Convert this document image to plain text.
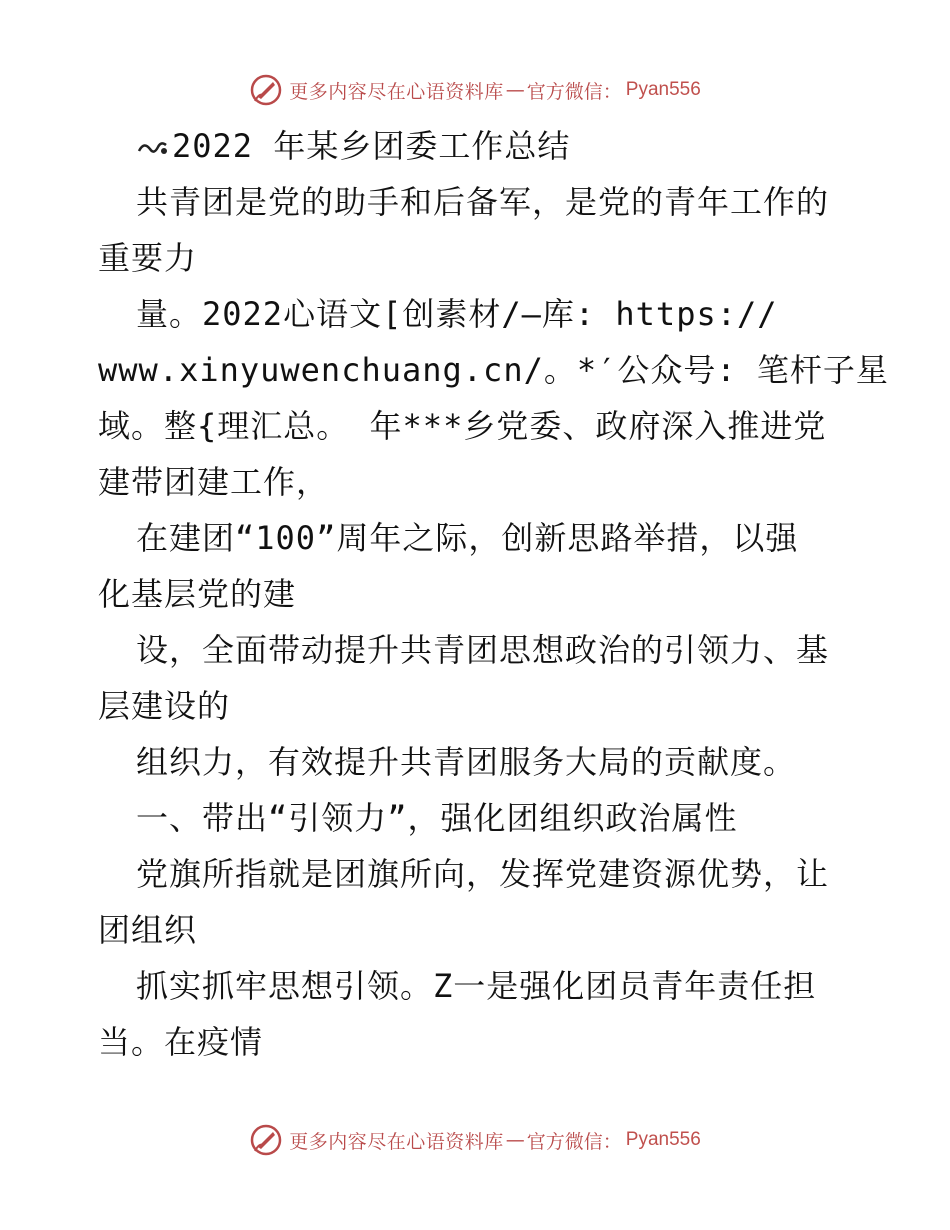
更多内容尽在心语资料库 — 官方微信 ： Pyan556
2022 年某乡团委工作总结
共青团是党的助手和后备军，是党的青年工作的
重要力
量。2022心语文[创素材/—库: https://
www.xinyuwenchuang.cn/。*′公众号: 笔杆子星
域。整{理汇总。 年***乡党委、政府深入推进党
建带团建工作，
在建团“100”周年之际，创新思路举措，以强
化基层党的建
设，全面带动提升共青团思想政治的引领力、基
层建设的
组织力，有效提升共青团服务大局的贡献度。
一、带出“引领力”，强化团组织政治属性
党旗所指就是团旗所向，发挥党建资源优势，让
团组织
抓实抓牢思想引领。Z一是强化团员青年责任担
当。在疫情
更多内容尽在心语资料库 — 官方微信 ： Pyan556
